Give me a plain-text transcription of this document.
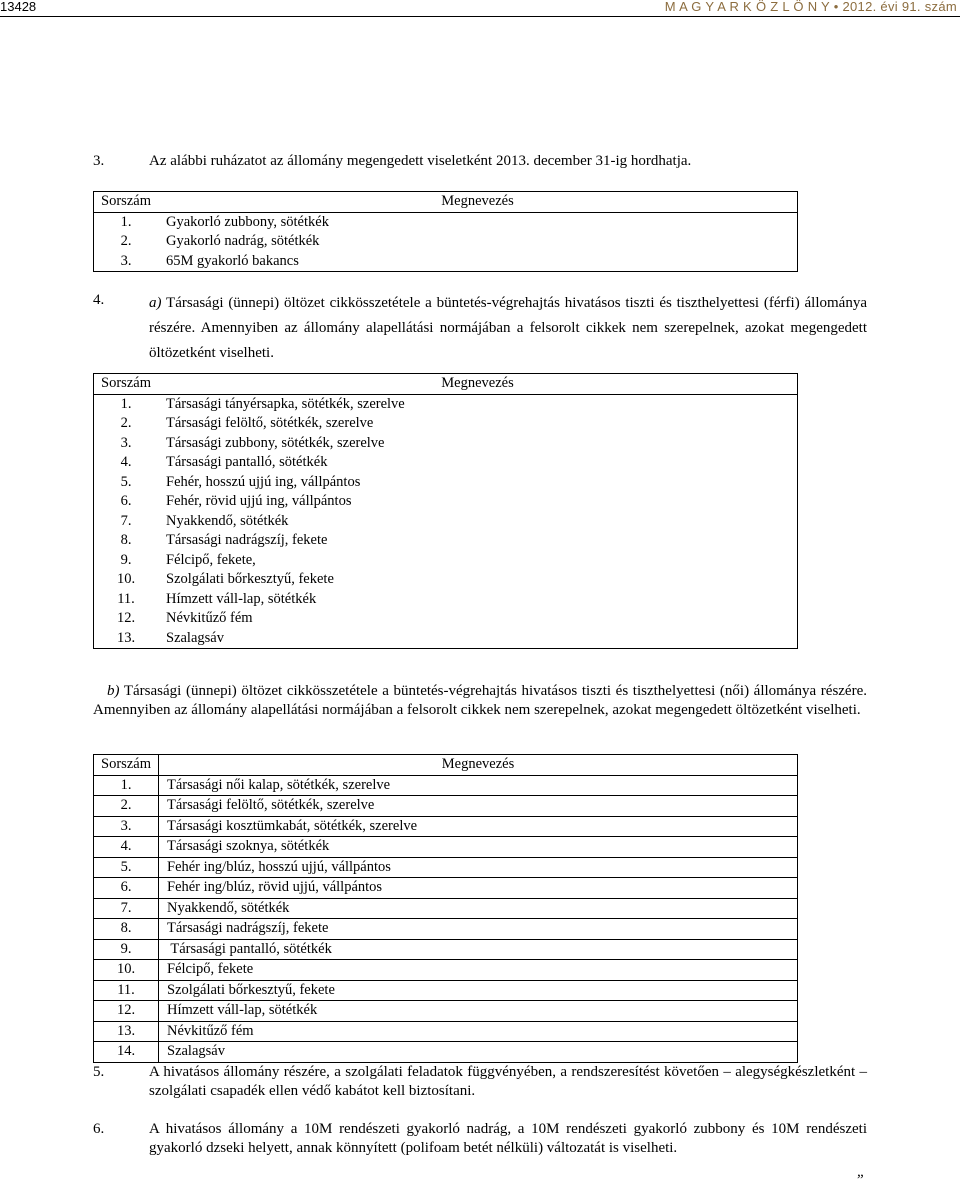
13428	M A G Y A R K Ö Z L Ö N Y • 2012. évi 91. szám
3.	Az alábbi ruházatot az állomány megengedett viseletként 2013. december 31-ig hordhatja.
Sorszám	Megnevezés
1.	Gyakorló zubbony, sötétkék
2.	Gyakorló nadrág, sötétkék
3.	65M gyakorló bakancs
4.	a) Társasági (ünnepi) öltözet cikkösszetétele a büntetés-végrehajtás hivatásos tiszti és tiszthelyettesi (férfi) állománya részére. Amennyiben az állomány alapellátási normájában a felsorolt cikkek nem szerepelnek, azokat megengedett öltözetként viselheti.
Sorszám	Megnevezés
1.	Társasági tányérsapka, sötétkék, szerelve
2.	Társasági felöltő, sötétkék, szerelve
3.	Társasági zubbony, sötétkék, szerelve
4.	Társasági pantalló, sötétkék
5.	Fehér, hosszú ujjú ing, vállpántos
6.	Fehér, rövid ujjú ing, vállpántos
7.	Nyakkendő, sötétkék
8.	Társasági nadrágszíj, fekete
9.	Félcipő, fekete,
10.	Szolgálati bőrkesztyű, fekete
11.	Hímzett váll-lap, sötétkék
12.	Névkitűző fém
13.	Szalagsáv
b) Társasági (ünnepi) öltözet cikkösszetétele a büntetés-végrehajtás hivatásos tiszti és tiszthelyettesi (női) állománya részére. Amennyiben az állomány alapellátási normájában a felsorolt cikkek nem szerepelnek, azokat megengedett öltözetként viselheti.
Sorszám	Megnevezés
1.	Társasági női kalap, sötétkék, szerelve
2.	Társasági felöltő, sötétkék, szerelve
3.	Társasági kosztümkabát, sötétkék, szerelve
4.	Társasági szoknya, sötétkék
5.	Fehér ing/blúz, hosszú ujjú, vállpántos
6.	Fehér ing/blúz, rövid ujjú, vállpántos
7.	Nyakkendő, sötétkék
8.	Társasági nadrágszíj, fekete
9.	Társasági pantalló, sötétkék
10.	Félcipő, fekete
11.	Szolgálati bőrkesztyű, fekete
12.	Hímzett váll-lap, sötétkék
13.	Névkitűző fém
14.	Szalagsáv
5.	A hivatásos állomány részére, a szolgálati feladatok függvényében, a rendszeresítést követően – alegységkészletként – szolgálati csapadék ellen védő kabátot kell biztosítani.
6.	A hivatásos állomány a 10M rendészeti gyakorló nadrág, a 10M rendészeti gyakorló zubbony és 10M rendészeti gyakorló dzseki helyett, annak könnyített (polifoam betét nélküli) változatát is viselheti.
”
